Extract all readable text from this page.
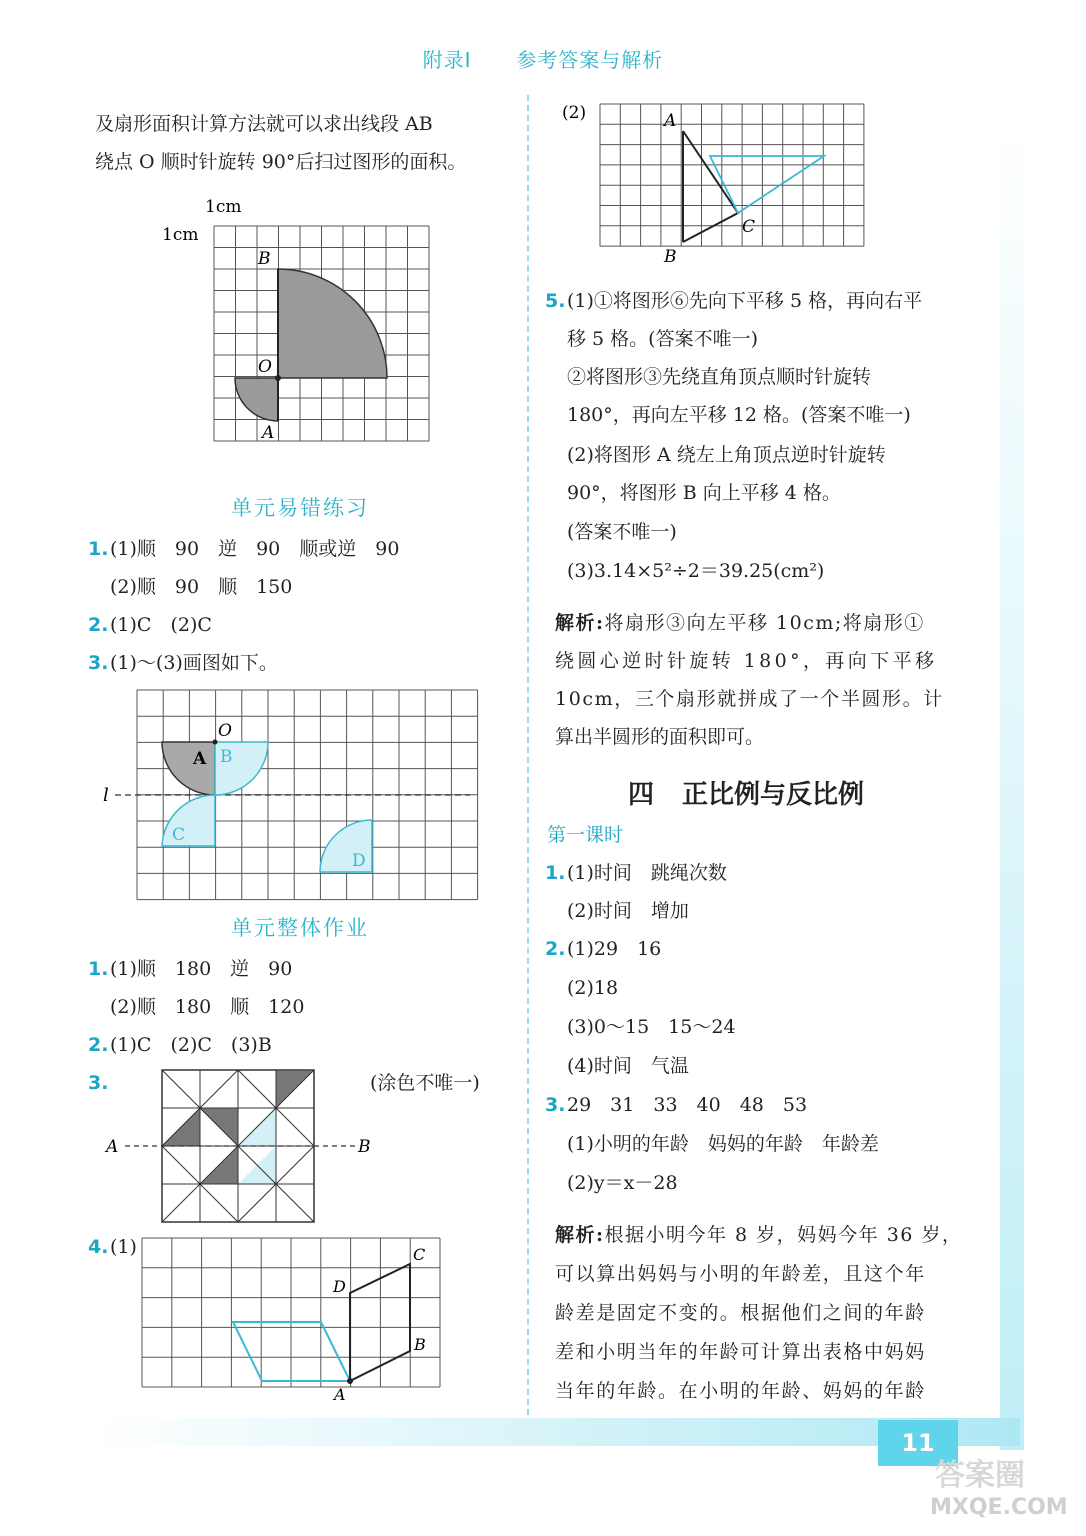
附录Ⅰ 参考答案与解析
及扇形面积计算方法就可以求出线段 AB
绕点 O 顺时针旋转 90°后扫过图形的面积。
1cm
1cm
B
O
A
单元易错练习
1.(1)顺　90　逆　90　顺或逆　90
(2)顺　90　顺　150
2.(1)C　(2)C
3.(1)～(3)画图如下。
O
A B
C
D
l
单元整体作业
1.(1)顺　180　逆　90
(2)顺　180　顺　120
2.(1)C　(2)C　(3)B
3.	(涂色不唯一)
A	B
4.(1)
A
B
C
D
(2)	A
B
C
5.(1)①将图形⑥先向下平移 5 格，再向右平
移 5 格。(答案不唯一)
②将图形③先绕直角顶点顺时针旋转
180°，再向左平移 12 格。(答案不唯一)
(2)将图形 A 绕左上角顶点逆时针旋转
90°，将图形 B 向上平移 4 格。
(答案不唯一)
(3)3.14×5²÷2＝39.25(cm²)
解析:将扇形③向左平移 10cm;将扇形①
绕圆心逆时针旋转 180°，再向下平移
10cm，三个扇形就拼成了一个半圆形。计
算出半圆形的面积即可。
四 正比例与反比例
第一课时
1.(1)时间　跳绳次数
(2)时间　增加
2.(1)29　16
(2)18
(3)0～15　15～24
(4)时间　气温
3.29　31　33　40　48　53
(1)小明的年龄　妈妈的年龄　年龄差
(2)y＝x－28
解析:根据小明今年 8 岁，妈妈今年 36 岁，
可以算出妈妈与小明的年龄差，且这个年
龄差是固定不变的。根据他们之间的年龄
差和小明当年的年龄可计算出表格中妈妈
当年的年龄。在小明的年龄、妈妈的年龄
11
答案圈
MXQE.COM
